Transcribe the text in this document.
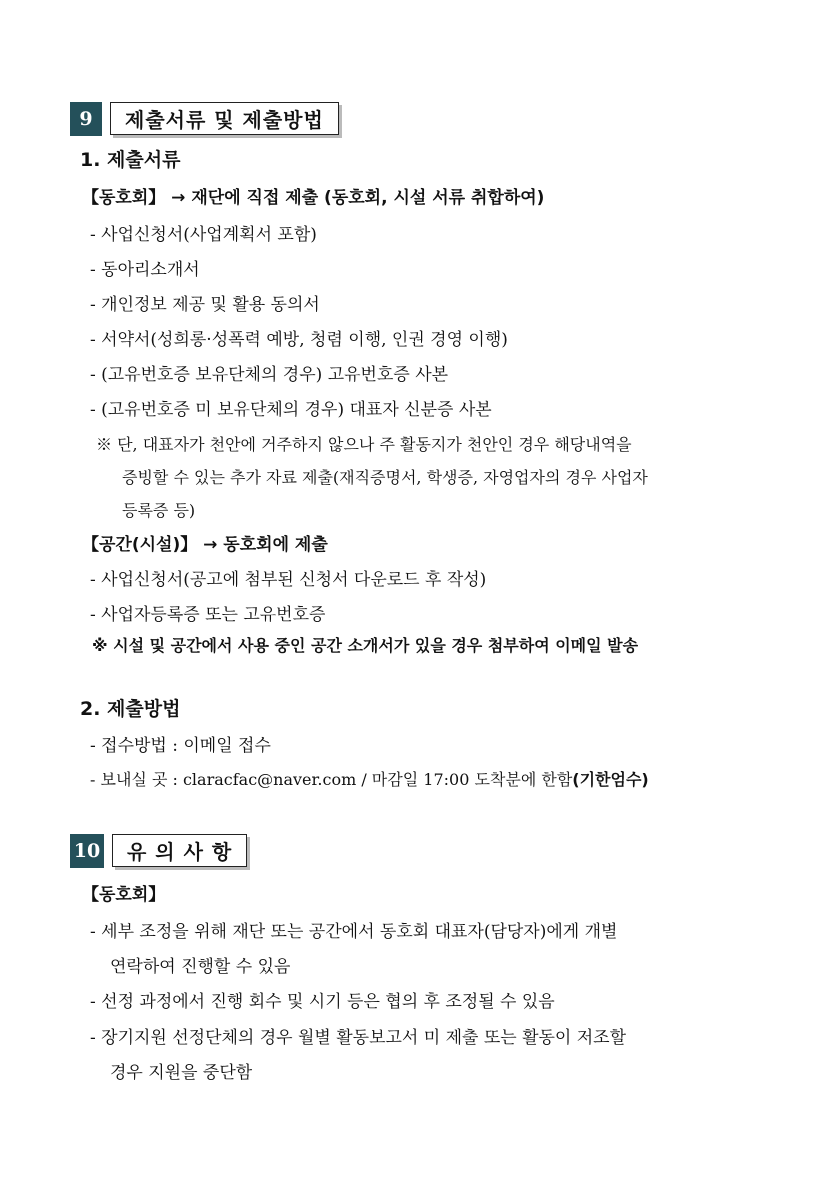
9	제출서류 및 제출방법
1. 제출서류
【동호회】 → 재단에 직접 제출 (동호회, 시설 서류 취합하여)
- 사업신청서(사업계획서 포함)
- 동아리소개서
- 개인정보 제공 및 활용 동의서
- 서약서(성희롱·성폭력 예방, 청렴 이행, 인권 경영 이행)
- (고유번호증 보유단체의 경우) 고유번호증 사본
- (고유번호증 미 보유단체의 경우) 대표자 신분증 사본
※ 단, 대표자가 천안에 거주하지 않으나 주 활동지가 천안인 경우 해당내역을
증빙할 수 있는 추가 자료 제출(재직증명서, 학생증, 자영업자의 경우 사업자
등록증 등)
【공간(시설)】 → 동호회에 제출
- 사업신청서(공고에 첨부된 신청서 다운로드 후 작성)
- 사업자등록증 또는 고유번호증
※ 시설 및 공간에서 사용 중인 공간 소개서가 있을 경우 첨부하여 이메일 발송
2. 제출방법
- 접수방법 : 이메일 접수
- 보내실 곳 : claracfac@naver.com / 마감일 17:00 도착분에 한함(기한엄수)
10	유 의 사 항
【동호회】
- 세부 조정을 위해 재단 또는 공간에서 동호회 대표자(담당자)에게 개별
연락하여 진행할 수 있음
- 선정 과정에서 진행 회수 및 시기 등은 협의 후 조정될 수 있음
- 장기지원 선정단체의 경우 월별 활동보고서 미 제출 또는 활동이 저조할
경우 지원을 중단함
